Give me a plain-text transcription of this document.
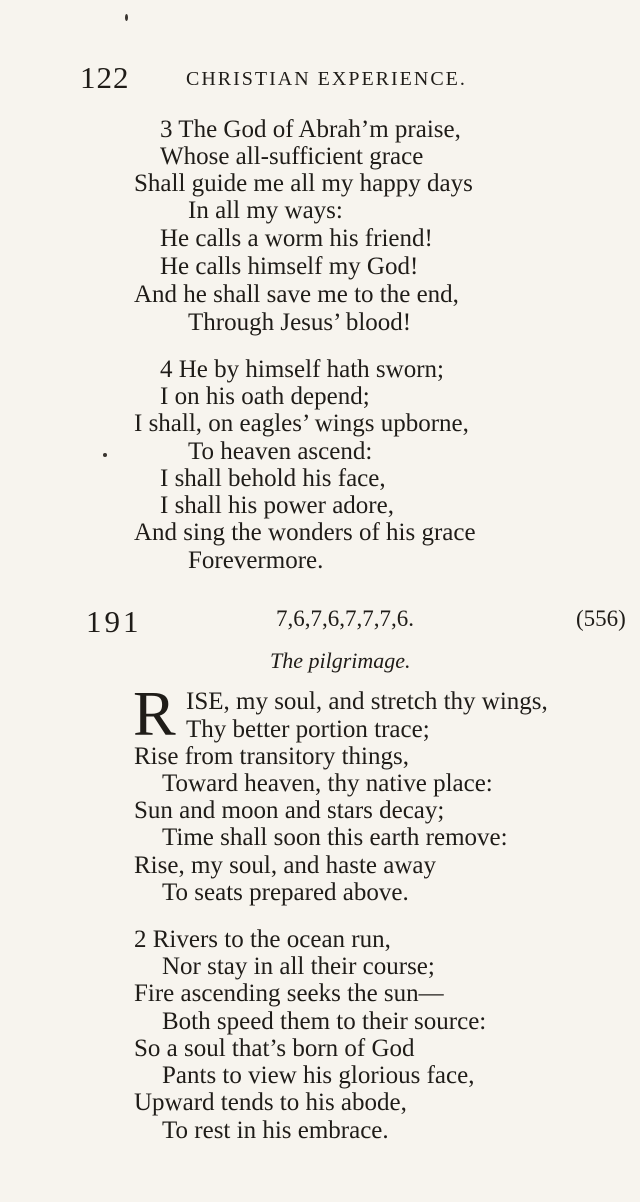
122	CHRISTIAN EXPERIENCE.
3 The God of Abrah’m praise,
Whose all-sufficient grace
Shall guide me all my happy days
In all my ways:
He calls a worm his friend!
He calls himself my God!
And he shall save me to the end,
Through Jesus’ blood!
4 He by himself hath sworn;
I on his oath depend;
I shall, on eagles’ wings upborne,
To heaven ascend:
I shall behold his face,
I shall his power adore,
And sing the wonders of his grace
Forevermore.
191	7,6,7,6,7,7,7,6.	(556)
The pilgrimage.
R ISE, my soul, and stretch thy wings,
Thy better portion trace;
Rise from transitory things,
Toward heaven, thy native place:
Sun and moon and stars decay;
Time shall soon this earth remove:
Rise, my soul, and haste away
To seats prepared above.
2 Rivers to the ocean run,
Nor stay in all their course;
Fire ascending seeks the sun—
Both speed them to their source:
So a soul that’s born of God
Pants to view his glorious face,
Upward tends to his abode,
To rest in his embrace.
